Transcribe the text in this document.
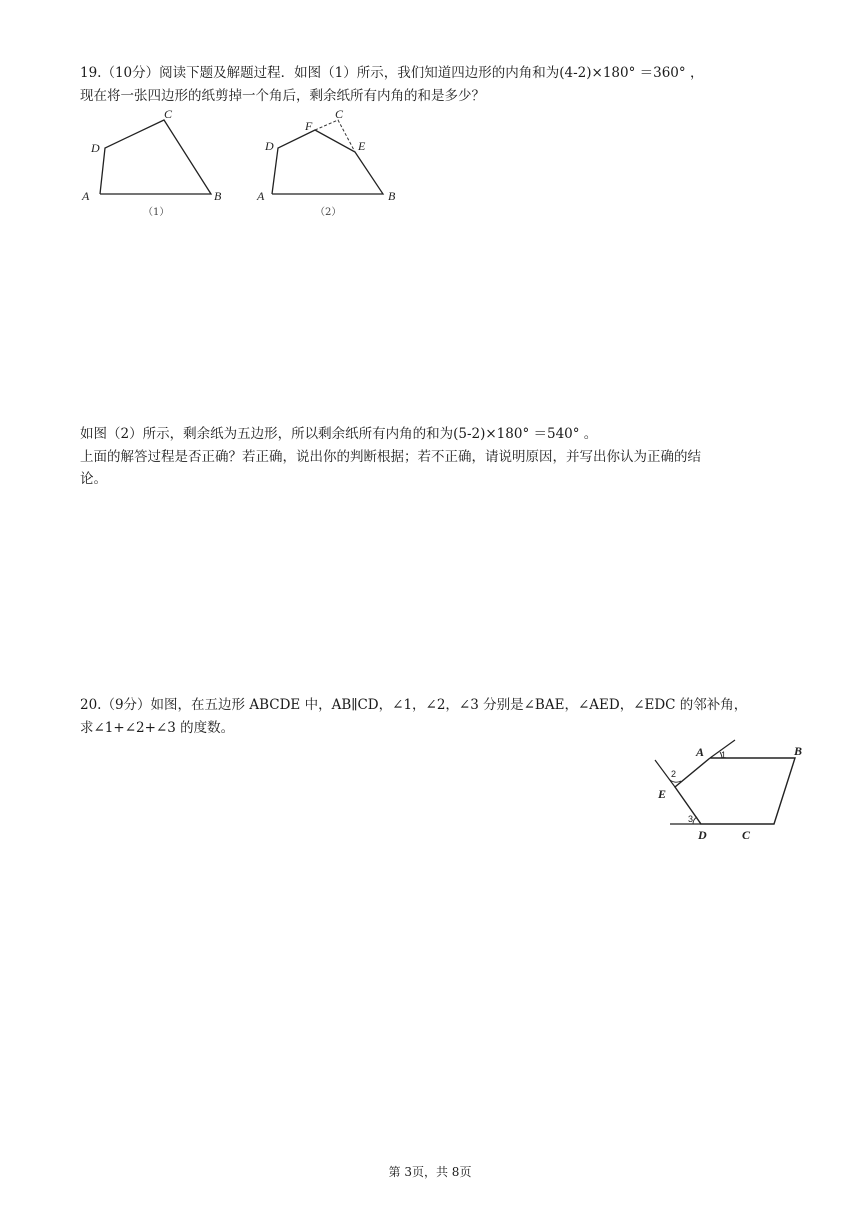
19.（10分）阅读下题及解题过程．如图（1）所示，我们知道四边形的内角和为(4-2)×180° ＝360° ，
现在将一张四边形的纸剪掉一个角后，剩余纸所有内角的和是多少？
A	B
C
D
（1）
A	B
C
D	E
F
（2）
如图（2）所示，剩余纸为五边形，所以剩余纸所有内角的和为(5-2)×180° ＝540° 。
上面的解答过程是否正确？若正确，说出你的判断根据；若不正确，请说明原因，并写出你认为正确的结
论。
20.（9分）如图，在五边形 ABCDE 中，AB∥CD，∠1，∠2，∠3 分别是∠BAE，∠AED，∠EDC 的邻补角，
求∠1+∠2+∠3 的度数。
A	B
C
D
E
1
2
3
第 3页，共 8页
